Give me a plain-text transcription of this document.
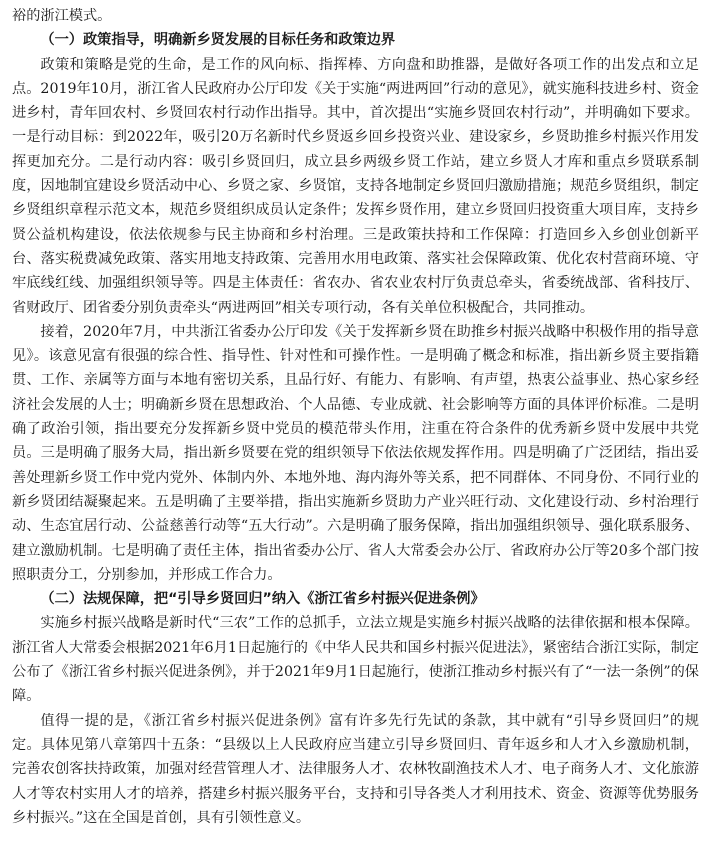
裕的浙江模式。

（一）政策指导，明确新乡贤发展的目标任务和政策边界

政策和策略是党的生命，是工作的风向标、指挥棒、方向盘和助推器，是做好各项工作的出发点和立足点。2019年10月，浙江省人民政府办公厅印发《关于实施“两进两回”行动的意见》，就实施科技进乡村、资金进乡村，青年回农村、乡贤回农村行动作出指导。其中，首次提出“实施乡贤回农村行动”，并明确如下要求。一是行动目标：到2022年，吸引20万名新时代乡贤返乡回乡投资兴业、建设家乡，乡贤助推乡村振兴作用发挥更加充分。二是行动内容：吸引乡贤回归，成立县乡两级乡贤工作站，建立乡贤人才库和重点乡贤联系制度，因地制宜建设乡贤活动中心、乡贤之家、乡贤馆，支持各地制定乡贤回归激励措施；规范乡贤组织，制定乡贤组织章程示范文本，规范乡贤组织成员认定条件；发挥乡贤作用，建立乡贤回归投资重大项目库，支持乡贤公益机构建设，依法依规参与民主协商和乡村治理。三是政策扶持和工作保障：打造回乡入乡创业创新平台、落实税费减免政策、落实用地支持政策、完善用水用电政策、落实社会保障政策、优化农村营商环境、守牢底线红线、加强组织领导等。四是主体责任：省农办、省农业农村厅负责总牵头，省委统战部、省科技厅、省财政厅、团省委分别负责牵头“两进两回”相关专项行动，各有关单位积极配合，共同推动。

接着，2020年7月，中共浙江省委办公厅印发《关于发挥新乡贤在助推乡村振兴战略中积极作用的指导意见》。该意见富有很强的综合性、指导性、针对性和可操作性。一是明确了概念和标准，指出新乡贤主要指籍贯、工作、亲属等方面与本地有密切关系，且品行好、有能力、有影响、有声望，热衷公益事业、热心家乡经济社会发展的人士；明确新乡贤在思想政治、个人品德、专业成就、社会影响等方面的具体评价标准。二是明确了政治引领，指出要充分发挥新乡贤中党员的模范带头作用，注重在符合条件的优秀新乡贤中发展中共党员。三是明确了服务大局，指出新乡贤要在党的组织领导下依法依规发挥作用。四是明确了广泛团结，指出妥善处理新乡贤工作中党内党外、体制内外、本地外地、海内海外等关系，把不同群体、不同身份、不同行业的新乡贤团结凝聚起来。五是明确了主要举措，指出实施新乡贤助力产业兴旺行动、文化建设行动、乡村治理行动、生态宜居行动、公益慈善行动等“五大行动”。六是明确了服务保障，指出加强组织领导、强化联系服务、建立激励机制。七是明确了责任主体，指出省委办公厅、省人大常委会办公厅、省政府办公厅等20多个部门按照职责分工，分别参加，并形成工作合力。

（二）法规保障，把“引导乡贤回归”纳入《浙江省乡村振兴促进条例》

实施乡村振兴战略是新时代“三农”工作的总抓手，立法立规是实施乡村振兴战略的法律依据和根本保障。浙江省人大常委会根据2021年6月1日起施行的《中华人民共和国乡村振兴促进法》，紧密结合浙江实际，制定公布了《浙江省乡村振兴促进条例》，并于2021年9月1日起施行，使浙江推动乡村振兴有了“一法一条例”的保障。

值得一提的是，《浙江省乡村振兴促进条例》富有许多先行先试的条款，其中就有“引导乡贤回归”的规定。具体见第八章第四十五条：“县级以上人民政府应当建立引导乡贤回归、青年返乡和人才入乡激励机制，完善农创客扶持政策，加强对经营管理人才、法律服务人才、农林牧副渔技术人才、电子商务人才、文化旅游人才等农村实用人才的培养，搭建乡村振兴服务平台，支持和引导各类人才利用技术、资金、资源等优势服务乡村振兴。”这在全国是首创，具有引领性意义。
